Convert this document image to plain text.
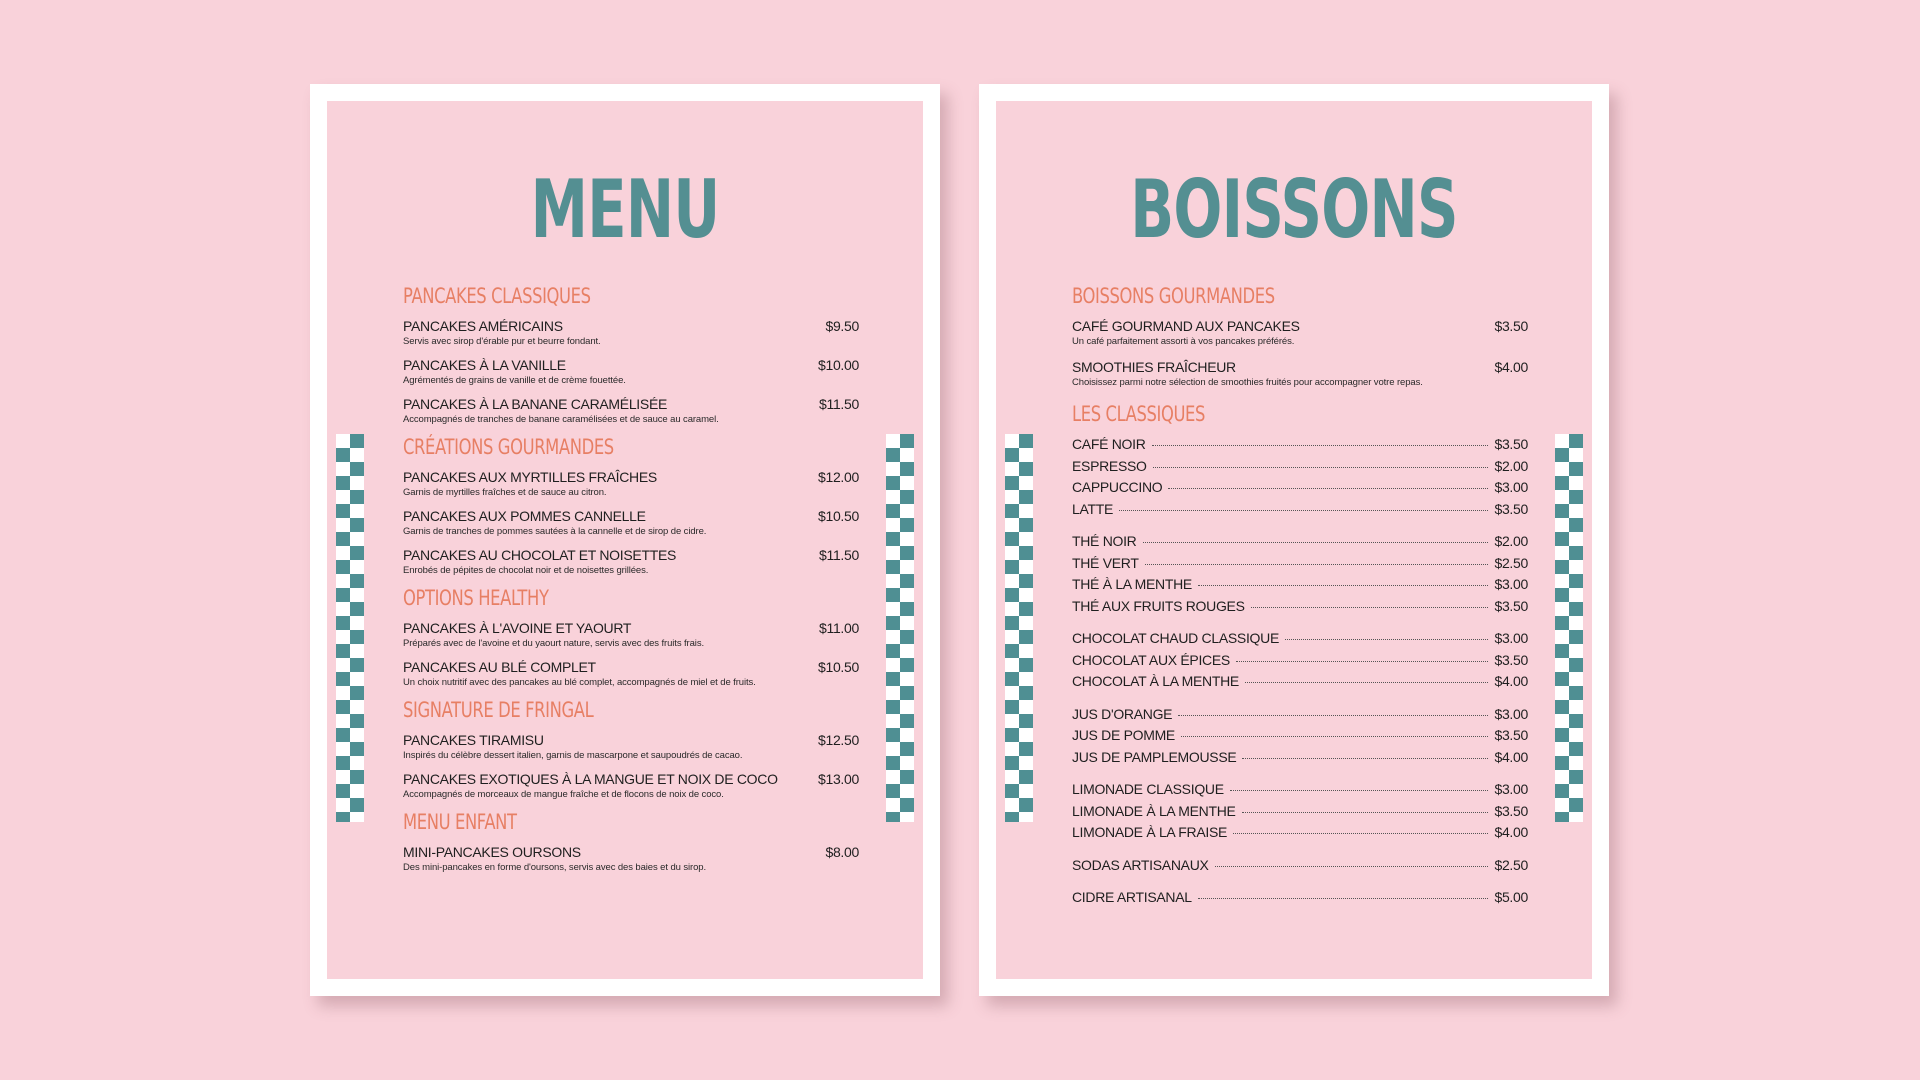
MENU
PANCAKES CLASSIQUES
PANCAKES AMÉRICAINS	$9.50
Servis avec sirop d'érable pur et beurre fondant.
PANCAKES À LA VANILLE	$10.00
Agrémentés de grains de vanille et de crème fouettée.
PANCAKES À LA BANANE CARAMÉLISÉE	$11.50
Accompagnés de tranches de banane caramélisées et de sauce au caramel.
CRÉATIONS GOURMANDES
PANCAKES AUX MYRTILLES FRAÎCHES	$12.00
Garnis de myrtilles fraîches et de sauce au citron.
PANCAKES AUX POMMES CANNELLE	$10.50
Garnis de tranches de pommes sautées à la cannelle et de sirop de cidre.
PANCAKES AU CHOCOLAT ET NOISETTES	$11.50
Enrobés de pépites de chocolat noir et de noisettes grillées.
OPTIONS HEALTHY
PANCAKES À L'AVOINE ET YAOURT	$11.00
Préparés avec de l'avoine et du yaourt nature, servis avec des fruits frais.
PANCAKES AU BLÉ COMPLET	$10.50
Un choix nutritif avec des pancakes au blé complet, accompagnés de miel et de fruits.
SIGNATURE DE FRINGAL
PANCAKES TIRAMISU	$12.50
Inspirés du célèbre dessert italien, garnis de mascarpone et saupoudrés de cacao.
PANCAKES EXOTIQUES À LA MANGUE ET NOIX DE COCO	$13.00
Accompagnés de morceaux de mangue fraîche et de flocons de noix de coco.
MENU ENFANT
MINI-PANCAKES OURSONS	$8.00
Des mini-pancakes en forme d'oursons, servis avec des baies et du sirop.
BOISSONS
BOISSONS GOURMANDES
CAFÉ GOURMAND AUX PANCAKES	$3.50
Un café parfaitement assorti à vos pancakes préférés.
SMOOTHIES FRAÎCHEUR	$4.00
Choisissez parmi notre sélection de smoothies fruités pour accompagner votre repas.
LES CLASSIQUES
CAFÉ NOIR	$3.50
ESPRESSO	$2.00
CAPPUCCINO	$3.00
LATTE	$3.50
THÉ NOIR	$2.00
THÉ VERT	$2.50
THÉ À LA MENTHE	$3.00
THÉ AUX FRUITS ROUGES	$3.50
CHOCOLAT CHAUD CLASSIQUE	$3.00
CHOCOLAT AUX ÉPICES	$3.50
CHOCOLAT À LA MENTHE	$4.00
JUS D'ORANGE	$3.00
JUS DE POMME	$3.50
JUS DE PAMPLEMOUSSE	$4.00
LIMONADE CLASSIQUE	$3.00
LIMONADE À LA MENTHE	$3.50
LIMONADE À LA FRAISE	$4.00
SODAS ARTISANAUX	$2.50
CIDRE ARTISANAL	$5.00
